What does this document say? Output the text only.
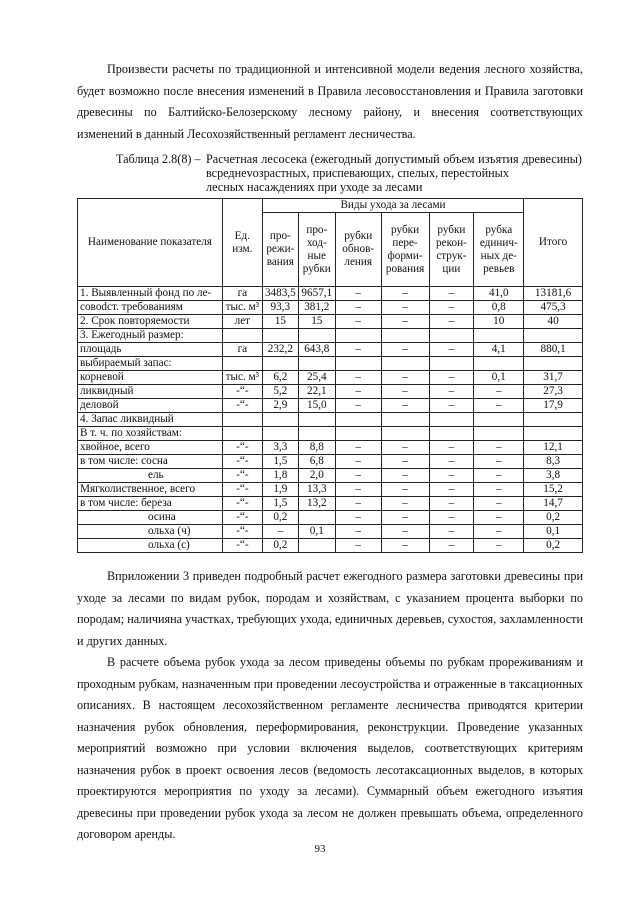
Произвести расчеты по традиционной и интенсивной модели ведения лесного хозяйства, будет возможно после внесения изменений в Правила лесовосстановления и Правила заготовки древесины по Балтийско-Белозерскому лесному району, и внесения соответствующих изменений в данный Лесохозяйственный регламент лесничества.

Таблица 2.8(8) – Расчетная лесосека (ежегодный допустимый объем изъятия древесины) всреднevозрастных, приспевающих, спелых, перестойных
лесных насаждениях при уходе за лесами
Наименование показателя	Ед. изм.	Виды ухода за лесами						Итого
		про-режи-вания	про-ход-ные рубки	рубки обнов-ления	рубки пере-форми-рования	рубки рекон-струк-ции	рубка единич-ных де-ревьев	
1. Выявленный фонд по ле-	га	3483,5	9657,1	–	–	–	41,0	13181,6
совodст. требованиям	тыс. м³	93,3	381,2	–	–	–	0,8	475,3
2. Срок повторяемости	лет	15	15	–	–	–	10	40
3. Ежегодный размер:								
площадь	га	232,2	643,8	–	–	–	4,1	880,1
выбираемый запас:								
корневой	тыс. м³	6,2	25,4	–	–	–	0,1	31,7
ликвидный	-“-	5,2	22,1	–	–	–	–	27,3
деловой	-“-	2,9	15,0	–	–	–	–	17,9
4. Запас ликвидный								
В т. ч. по хозяйствам:								
хвойное, всего	-“-	3,3	8,8	–	–	–	–	12,1
в том числе: сосна	-“-	1,5	6,8	–	–	–	–	8,3
ель	-“-	1,8	2,0	–	–	–	–	3,8
Мягколиственное, всего	-“-	1,9	13,3	–	–	–	–	15,2
в том числе: береза	-“-	1,5	13,2	–	–	–	–	14,7
осина	-“-	0,2		–	–	–	–	0,2
ольха (ч)	-“-	–	0,1	–	–	–	–	0,1
ольха (с)	-“-	0,2		–	–	–	–	0,2

Вприложении 3 приведен подробный расчет ежегодного размера заготовки древесины при уходе за лесами по видам рубок, породам и хозяйствам, с указанием процента выборки по породам; наличияна участках, требующих ухода, единичных деревьев, сухостоя, захламленности и других данных.

В расчете объема рубок ухода за лесом приведены объемы по рубкам прореживаниям и проходным рубкам, назначенным при проведении лесоустройства и отраженные в таксационных описаниях. В настоящем лесохозяйственном регламенте лесничества приводятся критерии назначения рубок обновления, переформирования, реконструкции. Проведение указанных мероприятий возможно при условии включения выделов, соответствующих критериям назначения рубок в проект освоения лесов (ведомость лесотаксационных выделов, в которых проектируются мероприятия по уходу за лесами). Суммарный объем ежегодного изъятия древесины при проведении рубок ухода за лесом не должен превышать объема, определенного договором аренды.

93
